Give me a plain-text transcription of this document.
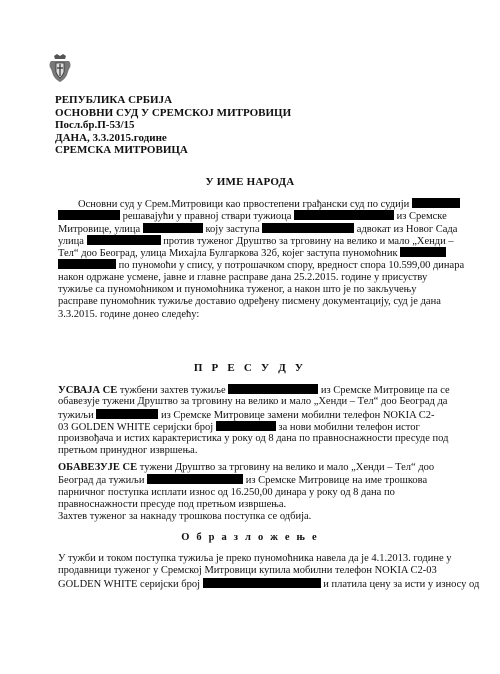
РЕПУБЛИКА СРБИЈА
ОСНОВНИ СУД У СРЕМСКОЈ МИТРОВИЦИ
Посл.бр.П-53/15
ДАНА, 3.3.2015.године
СРЕМСКА МИТРОВИЦА
У ИМЕ НАРОДА
Основни суд у Срем.Митровици као првостепени грађански суд по судији
решавајући у правној ствари тужиоца	из Сремске
Митровице, улица	коју заступа	адвокат из Новог Сада
улица	против туженог Друштво за трговину на велико и мало „Хенди –
Тел“ доо Београд, улица Михајла Булгаркова 32б, којег заступа пуномоћник
по пуномоћи у спису, у потрошачком спору, вредност спора 10.599,00 динара
након одржане усмене, јавне и главне расправе дана 25.2.2015. године у присуству
тужиље са пуномоћником и пуномоћника туженог, а након што је по закључењу
расправе пуномоћник тужиље доставио одређену писмену документацију, суд је дана
3.3.2015. године донео следећу:
П Р Е С У Д У
УСВАЈА СЕ тужбени захтев тужиље	из Сремске Митровице па се
обавезује тужени Друштво за трговину на велико и мало „Хенди – Тел“ доо Београд да
тужиљи	из Сремске Митровице замени мобилни телефон NOKIA C2-
03 GOLDEN WHITE серијски број	за нови мобилни телефон истог
произвођача и истих карактеристика у року од 8 дана по правноснажности пресуде под
претњом принудног извршења.
ОБАВЕЗУЈЕ СЕ тужени Друштво за трговину на велико и мало „Хенди – Тел“ доо
Београд да тужиљи	из Сремске Митровице на име трошкова
парничног поступка исплати износ од 16.250,00 динара у року од 8 дана по
правноснажности пресуде под претњом извршења.
Захтев туженог за накнаду трошкова поступка се одбија.
О б р а з л о ж е њ е
У тужби и током поступка тужиља је преко пуномоћника навела да је 4.1.2013. године у
продавници туженог у Сремској Митровици купила мобилни телефон NOKIA C2-03
GOLDEN WHITE серијски број	и платила цену за исти у износу од
